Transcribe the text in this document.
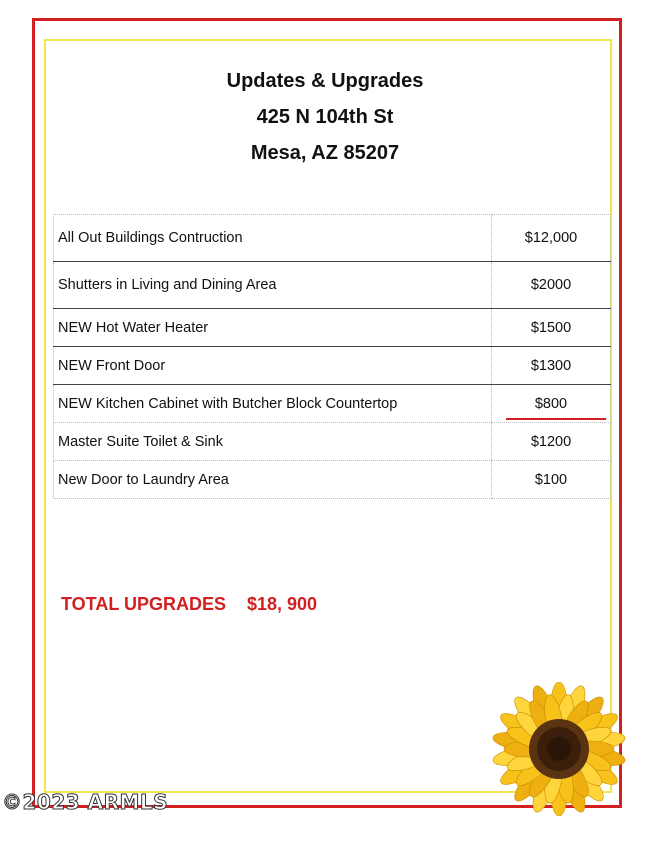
Updates & Upgrades
425 N 104th St
Mesa, AZ 85207
All Out Buildings Contruction	$12,000
Shutters in Living and Dining Area	$2000
NEW Hot Water Heater	$1500
NEW Front Door	$1300
NEW Kitchen Cabinet with Butcher Block Countertop	$800
Master Suite Toilet & Sink	$1200
New Door to Laundry Area	$100
TOTAL UPGRADES $18, 900
©2023 ARMLS
